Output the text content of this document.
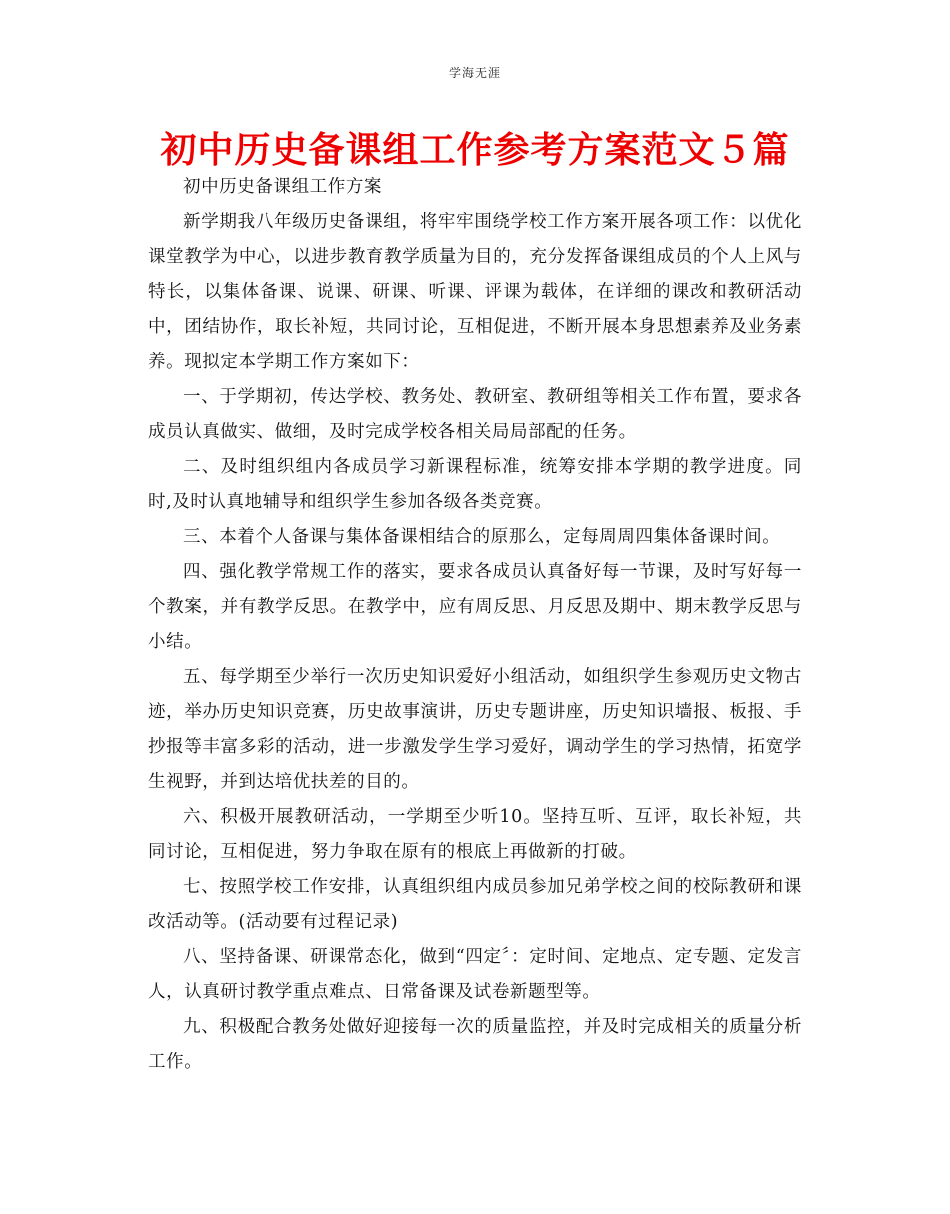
学海无涯
初中历史备课组工作参考方案范文５篇

初中历史备课组工作方案

新学期我八年级历史备课组，将牢牢围绕学校工作方案开展各项工作：以优化课堂教学为中心，以进步教育教学质量为目的，充分发挥备课组成员的个人上风与特长，以集体备课、说课、研课、听课、评课为载体，在详细的课改和教研活动中，团结协作，取长补短，共同讨论，互相促进，不断开展本身思想素养及业务素养。现拟定本学期工作方案如下：

一、于学期初，传达学校、教务处、教研室、教研组等相关工作布置，要求各成员认真做实、做细，及时完成学校各相关局局部配的任务。

二、及时组织组内各成员学习新课程标准，统筹安排本学期的教学进度。同时,及时认真地辅导和组织学生参加各级各类竞赛。

三、本着个人备课与集体备课相结合的原那么，定每周周四集体备课时间。

四、强化教学常规工作的落实，要求各成员认真备好每一节课，及时写好每一个教案，并有教学反思。在教学中，应有周反思、月反思及期中、期末教学反思与小结。

五、每学期至少举行一次历史知识爱好小组活动，如组织学生参观历史文物古迹，举办历史知识竞赛，历史故事演讲，历史专题讲座，历史知识墙报、板报、手抄报等丰富多彩的活动，进一步激发学生学习爱好，调动学生的学习热情，拓宽学生视野，并到达培优扶差的目的。

六、积极开展教研活动，一学期至少听10。坚持互听、互评，取长补短，共同讨论，互相促进，努力争取在原有的根底上再做新的打破。

七、按照学校工作安排，认真组织组内成员参加兄弟学校之间的校际教研和课改活动等。(活动要有过程记录)

八、坚持备课、研课常态化，做到“四定〞：定时间、定地点、定专题、定发言人，认真研讨教学重点难点、日常备课及试卷新题型等。

九、积极配合教务处做好迎接每一次的质量监控，并及时完成相关的质量分析工作。
